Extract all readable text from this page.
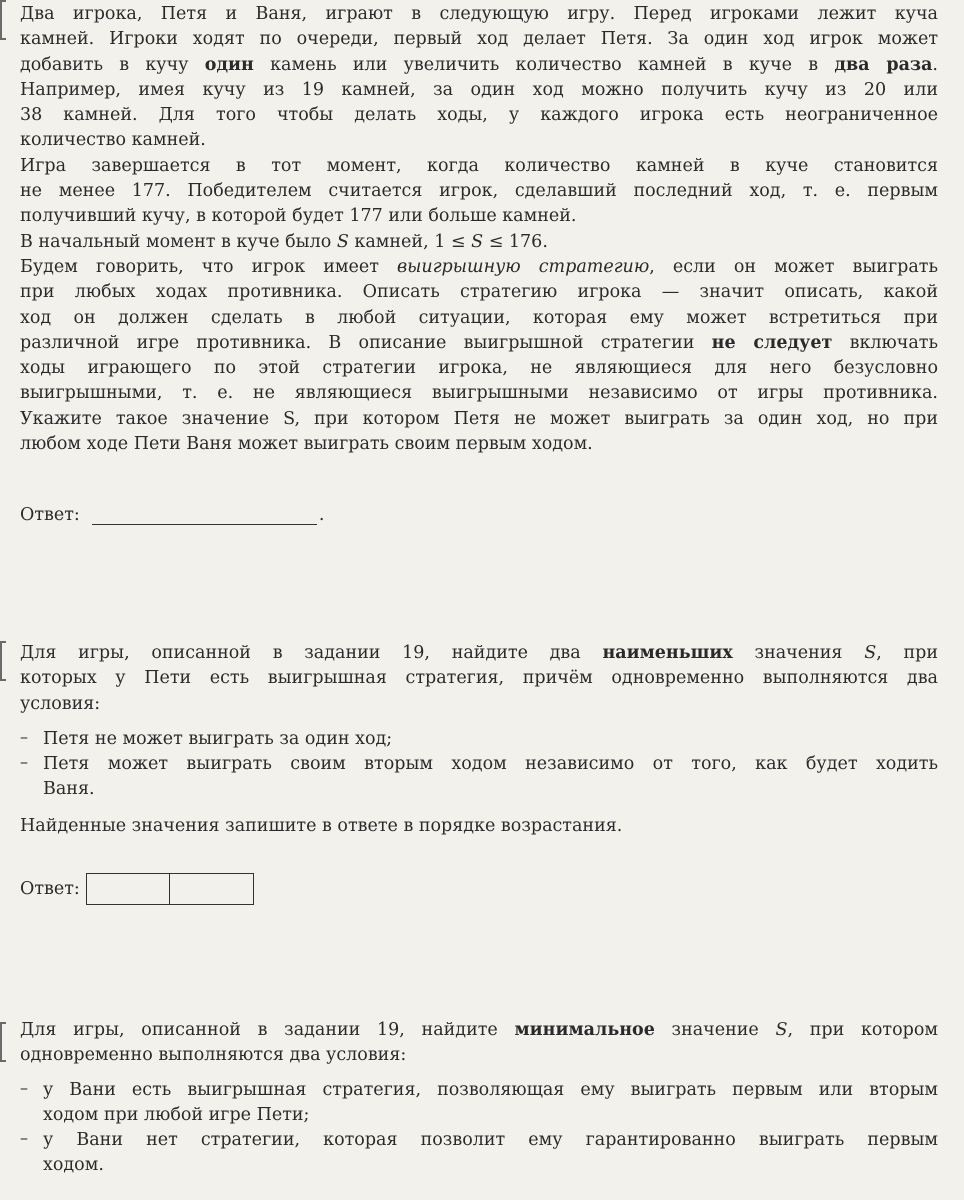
Два игрока, Петя и Ваня, играют в следующую игру. Перед игроками лежит куча

камней. Игроки ходят по очереди, первый ход делает Петя. За один ход игрок может

добавить в кучу один камень или увеличить количество камней в куче в два раза.

Например, имея кучу из 19 камней, за один ход можно получить кучу из 20 или

38 камней. Для того чтобы делать ходы, у каждого игрока есть неограниченное

количество камней.

Игра завершается в тот момент, когда количество камней в куче становится

не менее 177. Победителем считается игрок, сделавший последний ход, т. е. первым

получивший кучу, в которой будет 177 или больше камней.

В начальный момент в куче было S камней, 1 ≤ S ≤ 176.

Будем говорить, что игрок имеет выигрышную стратегию, если он может выиграть

при любых ходах противника. Описать стратегию игрока — значит описать, какой

ход он должен сделать в любой ситуации, которая ему может встретиться при

различной игре противника. В описание выигрышной стратегии не следует включать

ходы играющего по этой стратегии игрока, не являющиеся для него безусловно

выигрышными, т. е. не являющиеся выигрышными независимо от игры противника.

Укажите такое значение S, при котором Петя не может выиграть за один ход, но при

любом ходе Пети Ваня может выиграть своим первым ходом.

Ответ:	.

Для игры, описанной в задании 19, найдите два наименьших значения S, при

которых у Пети есть выигрышная стратегия, причём одновременно выполняются два

условия:

– Петя не может выиграть за один ход;

– Петя может выиграть своим вторым ходом независимо от того, как будет ходить

Ваня.

Найденные значения запишите в ответе в порядке возрастания.

Ответ:

Для игры, описанной в задании 19, найдите минимальное значение S, при котором

одновременно выполняются два условия:

– у Вани есть выигрышная стратегия, позволяющая ему выиграть первым или вторым

ходом при любой игре Пети;

– у Вани нет стратегии, которая позволит ему гарантированно выиграть первым

ходом.
